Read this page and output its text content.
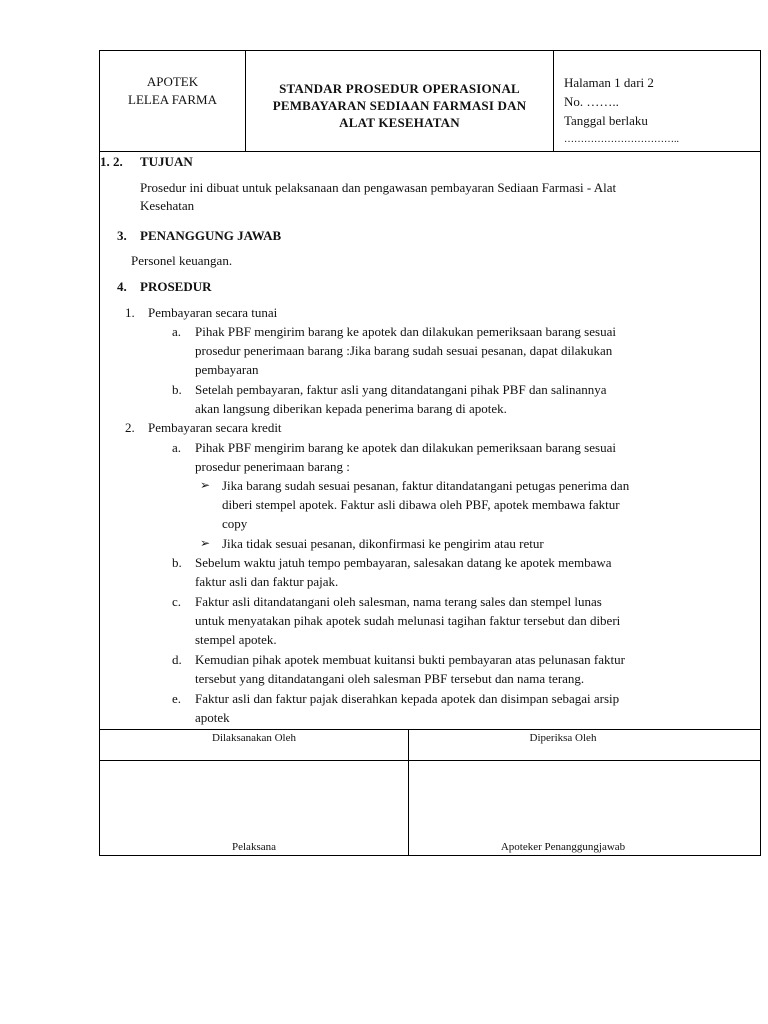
APOTEK
LELEA FARMA
STANDAR PROSEDUR OPERASIONAL
PEMBAYARAN SEDIAAN FARMASI DAN
ALAT KESEHATAN
Halaman 1 dari 2
No. ……..
Tanggal berlaku
……………………………..
1. 2. TUJUAN
Prosedur ini dibuat untuk pelaksanaan dan pengawasan pembayaran Sediaan Farmasi - Alat
Kesehatan
3. PENANGGUNG JAWAB
Personel keuangan.
4. PROSEDUR
1. Pembayaran secara tunai
a. Pihak PBF mengirim barang ke apotek dan dilakukan pemeriksaan barang sesuai
prosedur penerimaan barang :Jika barang sudah sesuai pesanan, dapat dilakukan
pembayaran
b. Setelah pembayaran, faktur asli yang ditandatangani pihak PBF dan salinannya
akan langsung diberikan kepada penerima barang di apotek.
2. Pembayaran secara kredit
a. Pihak PBF mengirim barang ke apotek dan dilakukan pemeriksaan barang sesuai
prosedur penerimaan barang :
➢ Jika barang sudah sesuai pesanan, faktur ditandatangani petugas penerima dan
diberi stempel apotek. Faktur asli dibawa oleh PBF, apotek membawa faktur
copy
➢ Jika tidak sesuai pesanan, dikonfirmasi ke pengirim atau retur
b. Sebelum waktu jatuh tempo pembayaran, salesakan datang ke apotek membawa
faktur asli dan faktur pajak.
c. Faktur asli ditandatangani oleh salesman, nama terang sales dan stempel lunas
untuk menyatakan pihak apotek sudah melunasi tagihan faktur tersebut dan diberi
stempel apotek.
d. Kemudian pihak apotek membuat kuitansi bukti pembayaran atas pelunasan faktur
tersebut yang ditandatangani oleh salesman PBF tersebut dan nama terang.
e. Faktur asli dan faktur pajak diserahkan kepada apotek dan disimpan sebagai arsip
apotek
Dilaksanakan Oleh	Diperiksa Oleh
Pelaksana	Apoteker Penanggungjawab
